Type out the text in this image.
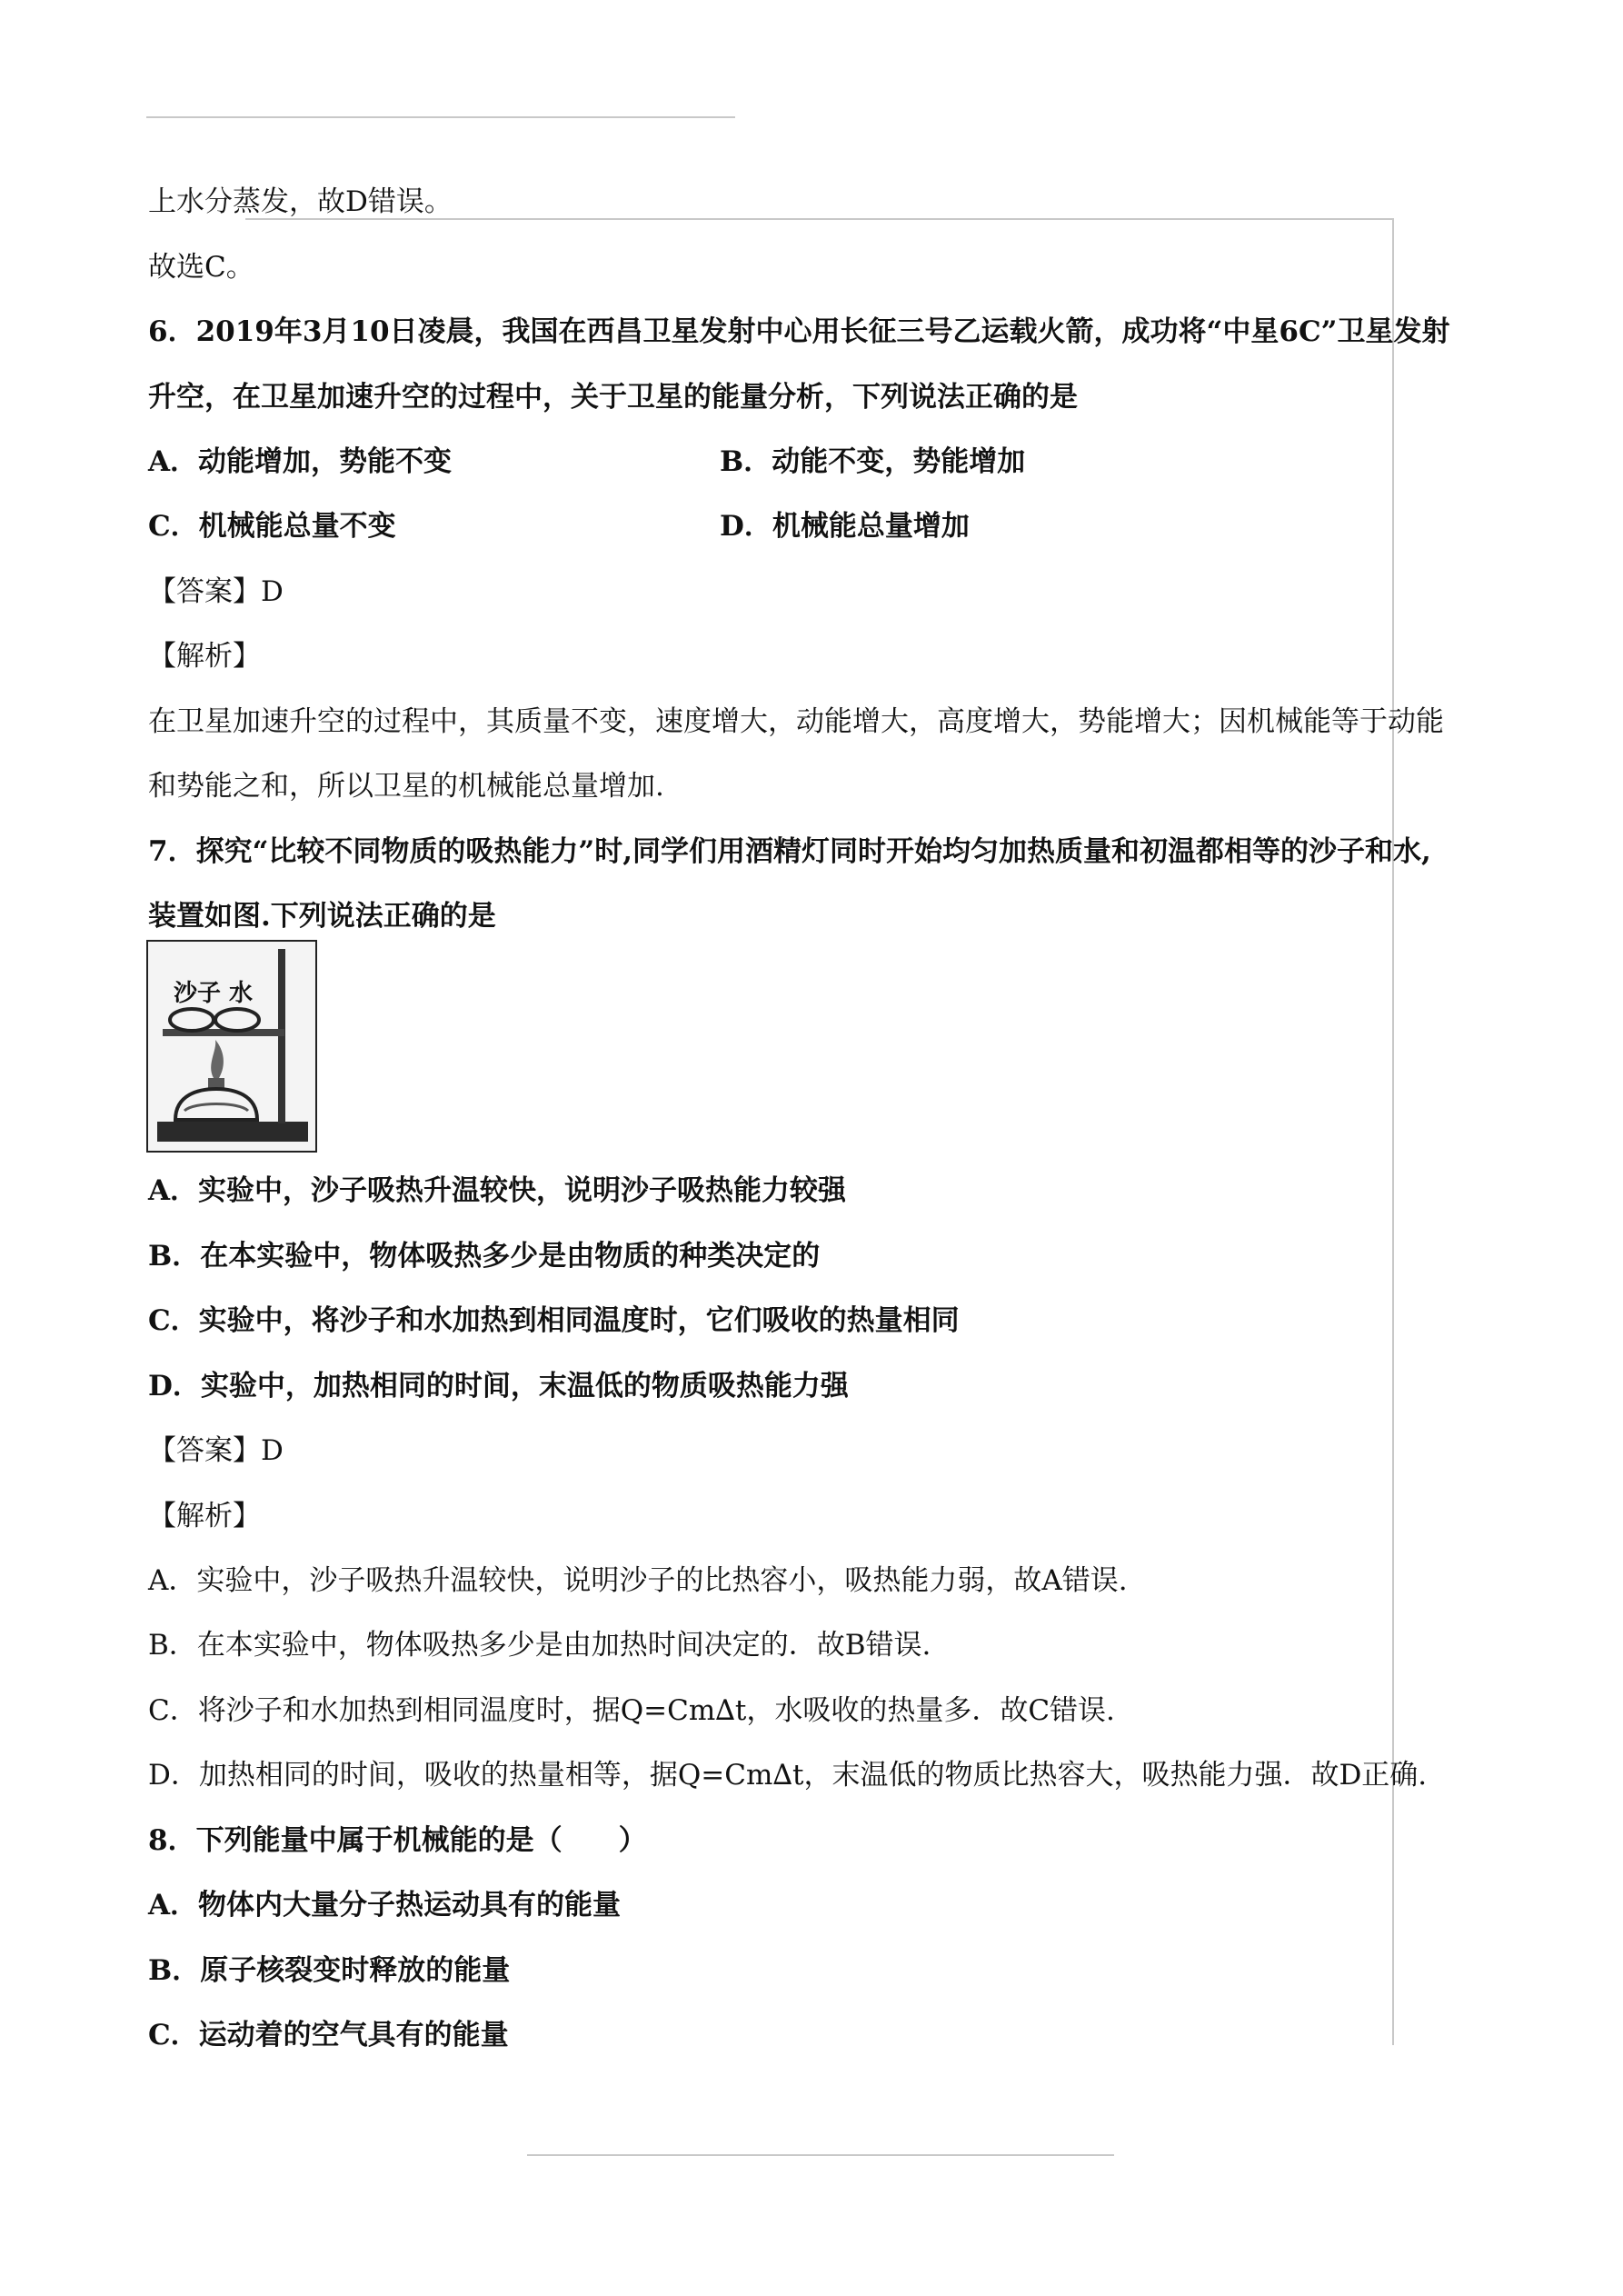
上水分蒸发，故D错误。
故选C。
6．2019年3月10日凌晨，我国在西昌卫星发射中心用长征三号乙运载火箭，成功将“中星6C”卫星发射
升空，在卫星加速升空的过程中，关于卫星的能量分析，下列说法正确的是
A．动能增加，势能不变	B．动能不变，势能增加
C．机械能总量不变	D．机械能总量增加
【答案】D
【解析】
在卫星加速升空的过程中，其质量不变，速度增大，动能增大，高度增大，势能增大；因机械能等于动能
和势能之和，所以卫星的机械能总量增加.
7．探究“比较不同物质的吸热能力”时,同学们用酒精灯同时开始均匀加热质量和初温都相等的沙子和水,
装置如图.下列说法正确的是
沙子 水
A．实验中，沙子吸热升温较快，说明沙子吸热能力较强
B．在本实验中，物体吸热多少是由物质的种类决定的
C．实验中，将沙子和水加热到相同温度时，它们吸收的热量相同
D．实验中，加热相同的时间，末温低的物质吸热能力强
【答案】D
【解析】
A．实验中，沙子吸热升温较快，说明沙子的比热容小，吸热能力弱，故A错误.
B．在本实验中，物体吸热多少是由加热时间决定的．故B错误.
C．将沙子和水加热到相同温度时，据Q=Cm∆t，水吸收的热量多．故C错误.
D．加热相同的时间，吸收的热量相等，据Q=Cm∆t，末温低的物质比热容大，吸热能力强．故D正确.
8．下列能量中属于机械能的是（　　）
A．物体内大量分子热运动具有的能量
B．原子核裂变时释放的能量
C．运动着的空气具有的能量
